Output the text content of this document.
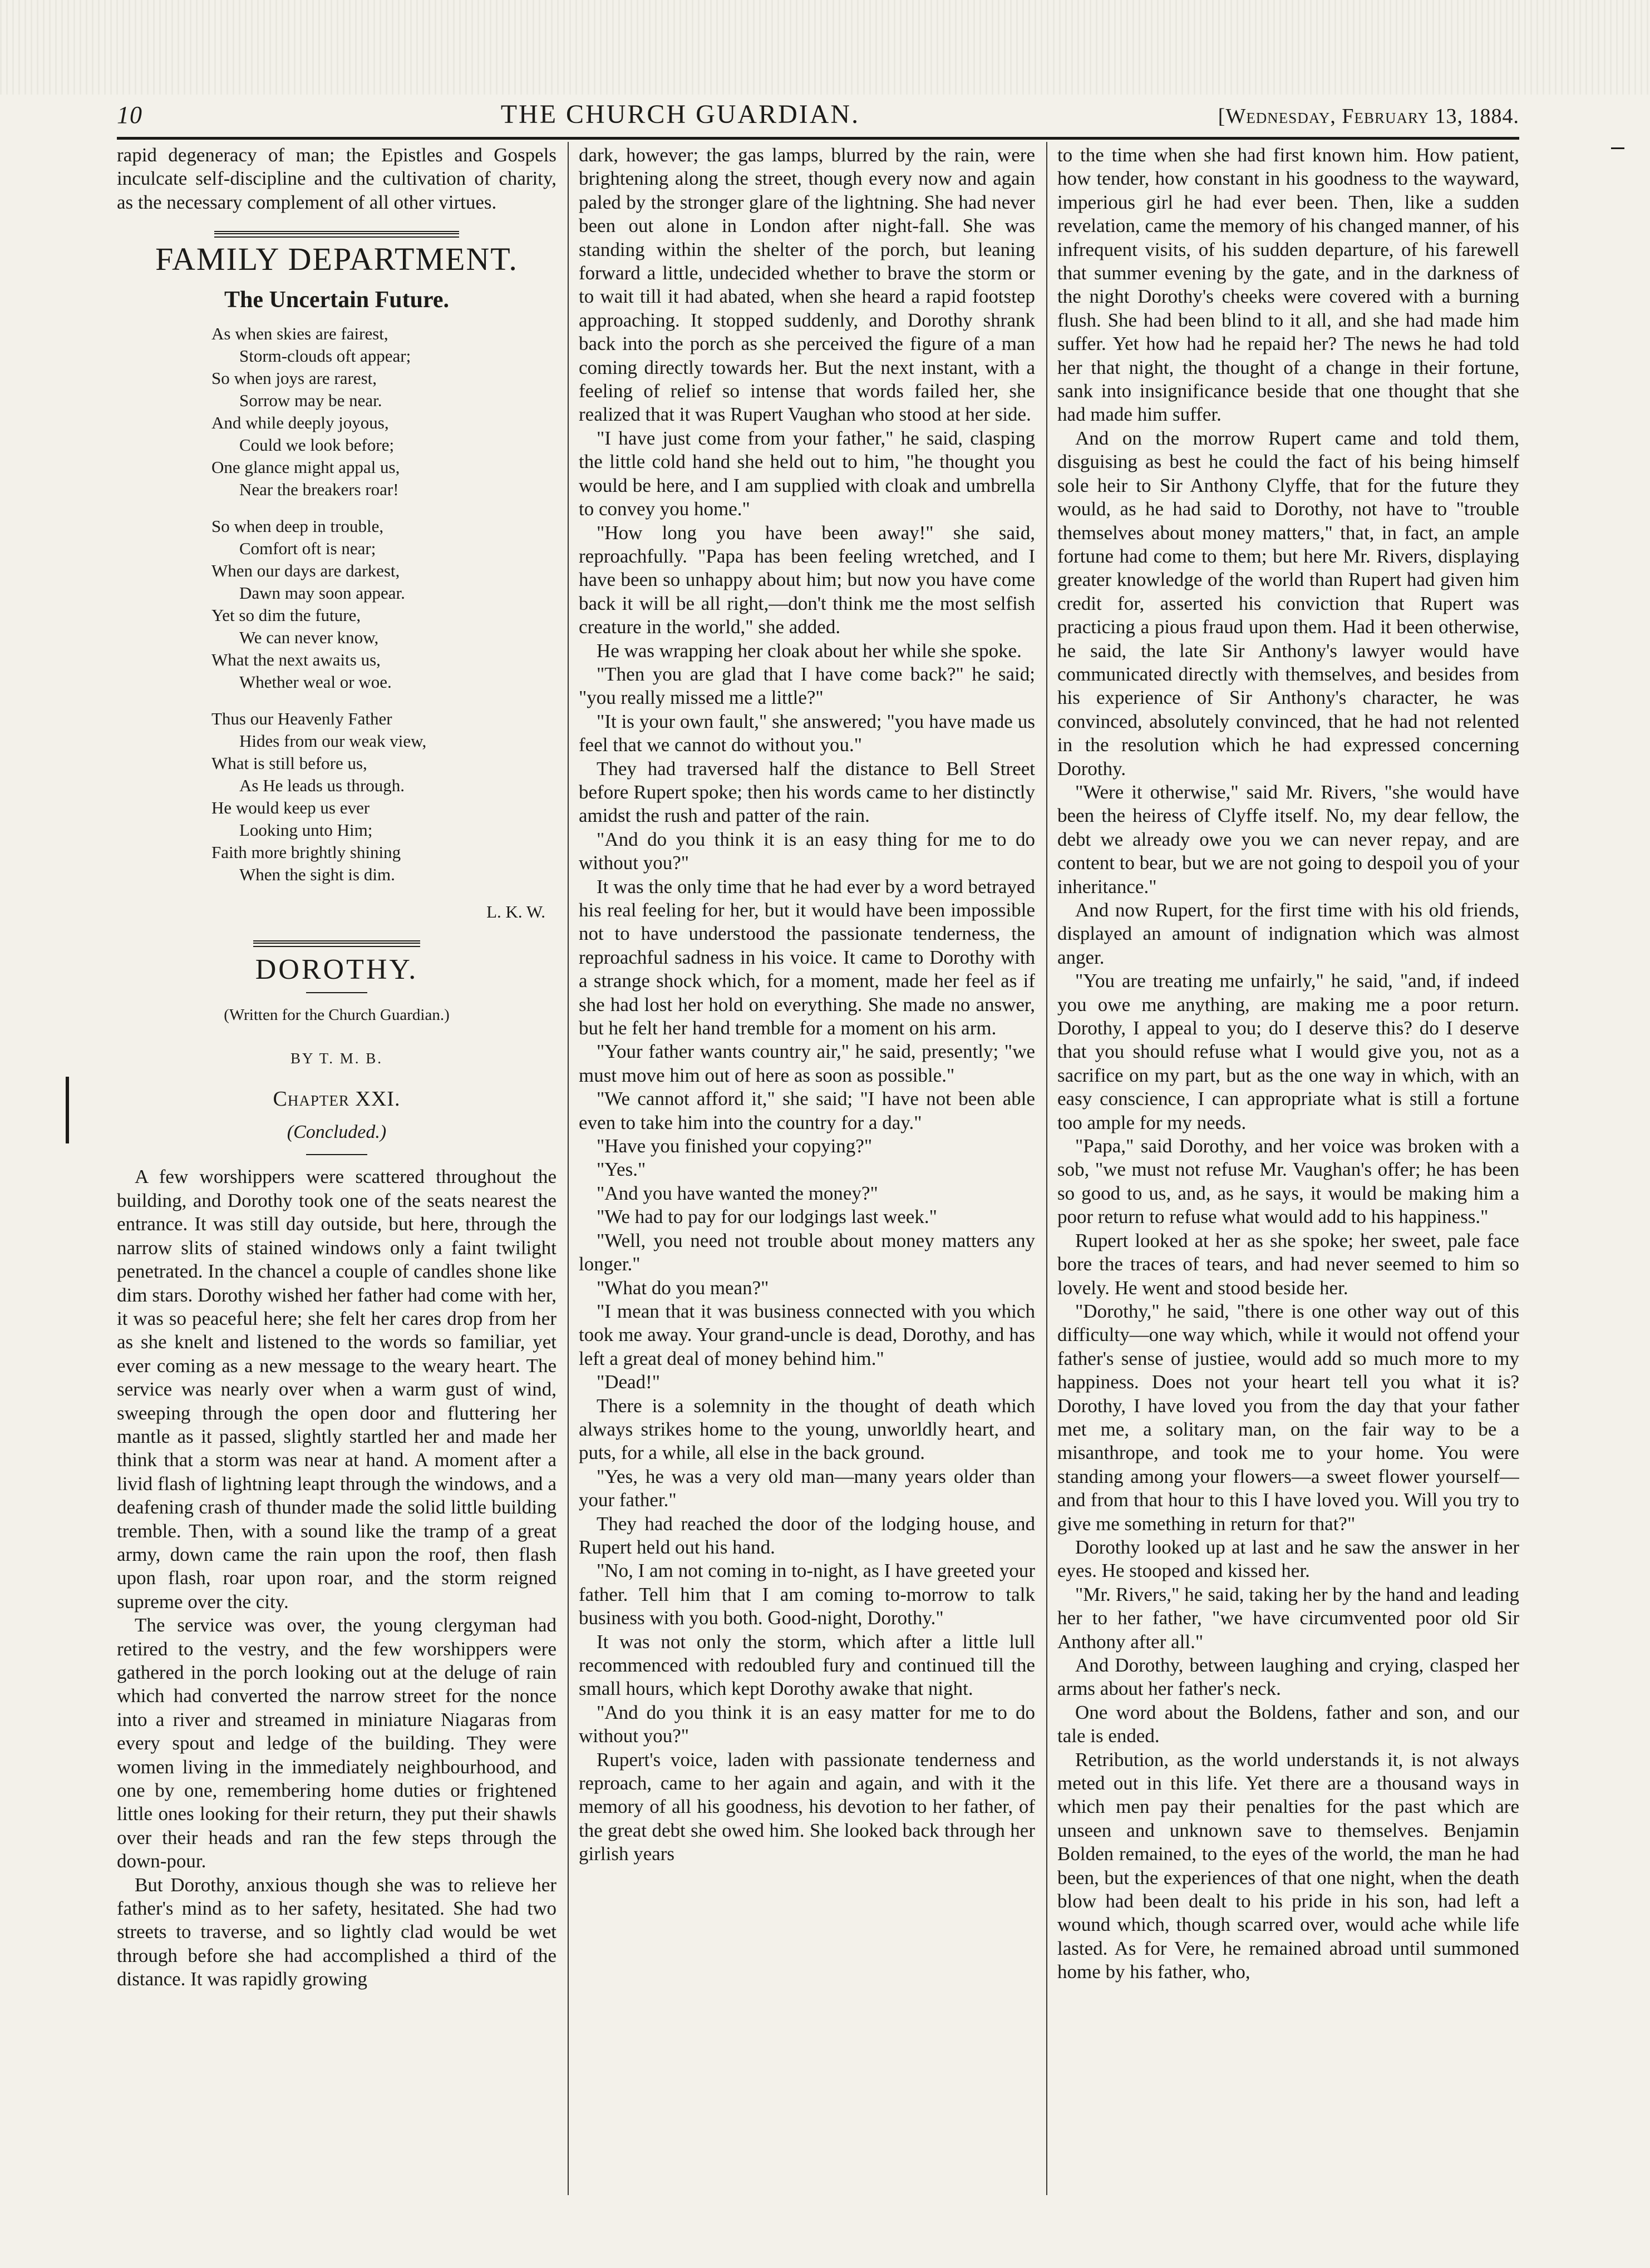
10	THE CHURCH GUARDIAN.	[Wednesday, February 13, 1884.

rapid degeneracy of man; the Epistles and Gospels inculcate self-discipline and the cultivation of charity, as the necessary complement of all other virtues.

FAMILY DEPARTMENT.
The Uncertain Future.
As when skies are fairest,
Storm-clouds oft appear;
So when joys are rarest,
Sorrow may be near.
And while deeply joyous,
Could we look before;
One glance might appal us,
Near the breakers roar!
So when deep in trouble,
Comfort oft is near;
When our days are darkest,
Dawn may soon appear.
Yet so dim the future,
We can never know,
What the next awaits us,
Whether weal or woe.
Thus our Heavenly Father
Hides from our weak view,
What is still before us,
As He leads us through.
He would keep us ever
Looking unto Him;
Faith more brightly shining
When the sight is dim.
L. K. W.
DOROTHY.
(Written for the Church Guardian.)
BY T. M. B.
Chapter XXI.
(Concluded.)

A few worshippers were scattered throughout the building, and Dorothy took one of the seats nearest the entrance. It was still day outside, but here, through the narrow slits of stained windows only a faint twilight penetrated. In the chancel a couple of candles shone like dim stars. Dorothy wished her father had come with her, it was so peaceful here; she felt her cares drop from her as she knelt and listened to the words so familiar, yet ever coming as a new message to the weary heart. The service was nearly over when a warm gust of wind, sweeping through the open door and fluttering her mantle as it passed, slightly startled her and made her think that a storm was near at hand. A moment after a livid flash of lightning leapt through the windows, and a deafening crash of thunder made the solid little building tremble. Then, with a sound like the tramp of a great army, down came the rain upon the roof, then flash upon flash, roar upon roar, and the storm reigned supreme over the city.

The service was over, the young clergyman had retired to the vestry, and the few worshippers were gathered in the porch looking out at the deluge of rain which had converted the narrow street for the nonce into a river and streamed in miniature Niagaras from every spout and ledge of the building. They were women living in the immediately neighbourhood, and one by one, remembering home duties or frightened little ones looking for their return, they put their shawls over their heads and ran the few steps through the down-pour.

But Dorothy, anxious though she was to relieve her father's mind as to her safety, hesitated. She had two streets to traverse, and so lightly clad would be wet through before she had accomplished a third of the distance. It was rapidly growing

dark, however; the gas lamps, blurred by the rain, were brightening along the street, though every now and again paled by the stronger glare of the lightning. She had never been out alone in London after night-fall. She was standing within the shelter of the porch, but leaning forward a little, undecided whether to brave the storm or to wait till it had abated, when she heard a rapid footstep approaching. It stopped suddenly, and Dorothy shrank back into the porch as she perceived the figure of a man coming directly towards her. But the next instant, with a feeling of relief so intense that words failed her, she realized that it was Rupert Vaughan who stood at her side.

"I have just come from your father," he said, clasping the little cold hand she held out to him, "he thought you would be here, and I am supplied with cloak and umbrella to convey you home."

"How long you have been away!" she said, reproachfully. "Papa has been feeling wretched, and I have been so unhappy about him; but now you have come back it will be all right,—don't think me the most selfish creature in the world," she added.

He was wrapping her cloak about her while she spoke.

"Then you are glad that I have come back?" he said; "you really missed me a little?"

"It is your own fault," she answered; "you have made us feel that we cannot do without you."

They had traversed half the distance to Bell Street before Rupert spoke; then his words came to her distinctly amidst the rush and patter of the rain.

"And do you think it is an easy thing for me to do without you?"

It was the only time that he had ever by a word betrayed his real feeling for her, but it would have been impossible not to have understood the passionate tenderness, the reproachful sadness in his voice. It came to Dorothy with a strange shock which, for a moment, made her feel as if she had lost her hold on everything. She made no answer, but he felt her hand tremble for a moment on his arm.

"Your father wants country air," he said, presently; "we must move him out of here as soon as possible."

"We cannot afford it," she said; "I have not been able even to take him into the country for a day."

"Have you finished your copying?"

"Yes."

"And you have wanted the money?"

"We had to pay for our lodgings last week."

"Well, you need not trouble about money matters any longer."

"What do you mean?"

"I mean that it was business connected with you which took me away. Your grand-uncle is dead, Dorothy, and has left a great deal of money behind him."

"Dead!"

There is a solemnity in the thought of death which always strikes home to the young, unworldly heart, and puts, for a while, all else in the back ground.

"Yes, he was a very old man—many years older than your father."

They had reached the door of the lodging house, and Rupert held out his hand.

"No, I am not coming in to-night, as I have greeted your father. Tell him that I am coming to-morrow to talk business with you both. Good-night, Dorothy."

It was not only the storm, which after a little lull recommenced with redoubled fury and continued till the small hours, which kept Dorothy awake that night.

"And do you think it is an easy matter for me to do without you?"

Rupert's voice, laden with passionate tenderness and reproach, came to her again and again, and with it the memory of all his goodness, his devotion to her father, of the great debt she owed him. She looked back through her girlish years

to the time when she had first known him. How patient, how tender, how constant in his goodness to the wayward, imperious girl he had ever been. Then, like a sudden revelation, came the memory of his changed manner, of his infrequent visits, of his sudden departure, of his farewell that summer evening by the gate, and in the darkness of the night Dorothy's cheeks were covered with a burning flush. She had been blind to it all, and she had made him suffer. Yet how had he repaid her? The news he had told her that night, the thought of a change in their fortune, sank into insignificance beside that one thought that she had made him suffer.

And on the morrow Rupert came and told them, disguising as best he could the fact of his being himself sole heir to Sir Anthony Clyffe, that for the future they would, as he had said to Dorothy, not have to "trouble themselves about money matters," that, in fact, an ample fortune had come to them; but here Mr. Rivers, displaying greater knowledge of the world than Rupert had given him credit for, asserted his conviction that Rupert was practicing a pious fraud upon them. Had it been otherwise, he said, the late Sir Anthony's lawyer would have communicated directly with themselves, and besides from his experience of Sir Anthony's character, he was convinced, absolutely convinced, that he had not relented in the resolution which he had expressed concerning Dorothy.

"Were it otherwise," said Mr. Rivers, "she would have been the heiress of Clyffe itself. No, my dear fellow, the debt we already owe you we can never repay, and are content to bear, but we are not going to despoil you of your inheritance."

And now Rupert, for the first time with his old friends, displayed an amount of indignation which was almost anger.

"You are treating me unfairly," he said, "and, if indeed you owe me anything, are making me a poor return. Dorothy, I appeal to you; do I deserve this? do I deserve that you should refuse what I would give you, not as a sacrifice on my part, but as the one way in which, with an easy conscience, I can appropriate what is still a fortune too ample for my needs.

"Papa," said Dorothy, and her voice was broken with a sob, "we must not refuse Mr. Vaughan's offer; he has been so good to us, and, as he says, it would be making him a poor return to refuse what would add to his happiness."

Rupert looked at her as she spoke; her sweet, pale face bore the traces of tears, and had never seemed to him so lovely. He went and stood beside her.

"Dorothy," he said, "there is one other way out of this difficulty—one way which, while it would not offend your father's sense of justiee, would add so much more to my happiness. Does not your heart tell you what it is? Dorothy, I have loved you from the day that your father met me, a solitary man, on the fair way to be a misanthrope, and took me to your home. You were standing among your flowers—a sweet flower yourself—and from that hour to this I have loved you. Will you try to give me something in return for that?"

Dorothy looked up at last and he saw the answer in her eyes. He stooped and kissed her.

"Mr. Rivers," he said, taking her by the hand and leading her to her father, "we have circumvented poor old Sir Anthony after all."

And Dorothy, between laughing and crying, clasped her arms about her father's neck.

One word about the Boldens, father and son, and our tale is ended.

Retribution, as the world understands it, is not always meted out in this life. Yet there are a thousand ways in which men pay their penalties for the past which are unseen and unknown save to themselves. Benjamin Bolden remained, to the eyes of the world, the man he had been, but the experiences of that one night, when the death blow had been dealt to his pride in his son, had left a wound which, though scarred over, would ache while life lasted. As for Vere, he remained abroad until summoned home by his father, who,
